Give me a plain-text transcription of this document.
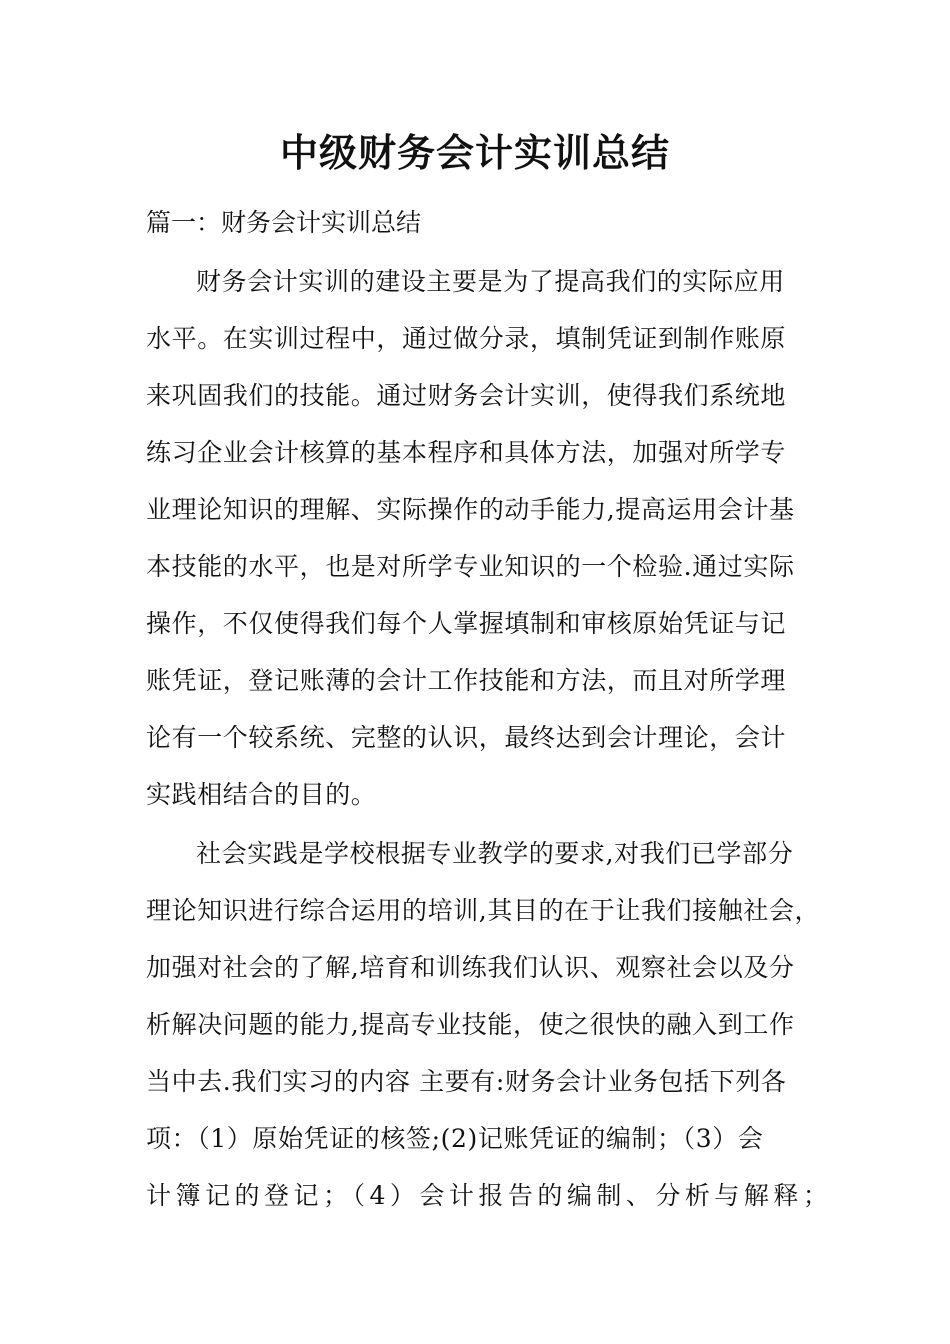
中级财务会计实训总结

篇一：财务会计实训总结

财务会计实训的建设主要是为了提高我们的实际应用

水平。在实训过程中，通过做分录，填制凭证到制作账原

来巩固我们的技能。通过财务会计实训，使得我们系统地

练习企业会计核算的基本程序和具体方法，加强对所学专

业理论知识的理解、实际操作的动手能力,提高运用会计基

本技能的水平，也是对所学专业知识的一个检验.通过实际

操作，不仅使得我们每个人掌握填制和审核原始凭证与记

账凭证，登记账薄的会计工作技能和方法，而且对所学理

论有一个较系统、完整的认识，最终达到会计理论，会计

实践相结合的目的。

社会实践是学校根据专业教学的要求,对我们已学部分

理论知识进行综合运用的培训,其目的在于让我们接触社会，

加强对社会的了解,培育和训练我们认识、观察社会以及分

析解决问题的能力,提高专业技能，使之很快的融入到工作

当中去.我们实习的内容 主要有:财务会计业务包括下列各

项：（1）原始凭证的核签;(2)记账凭证的编制；（3）会

计簿记的登记；（4）会计报告的编制、分析与解释；
